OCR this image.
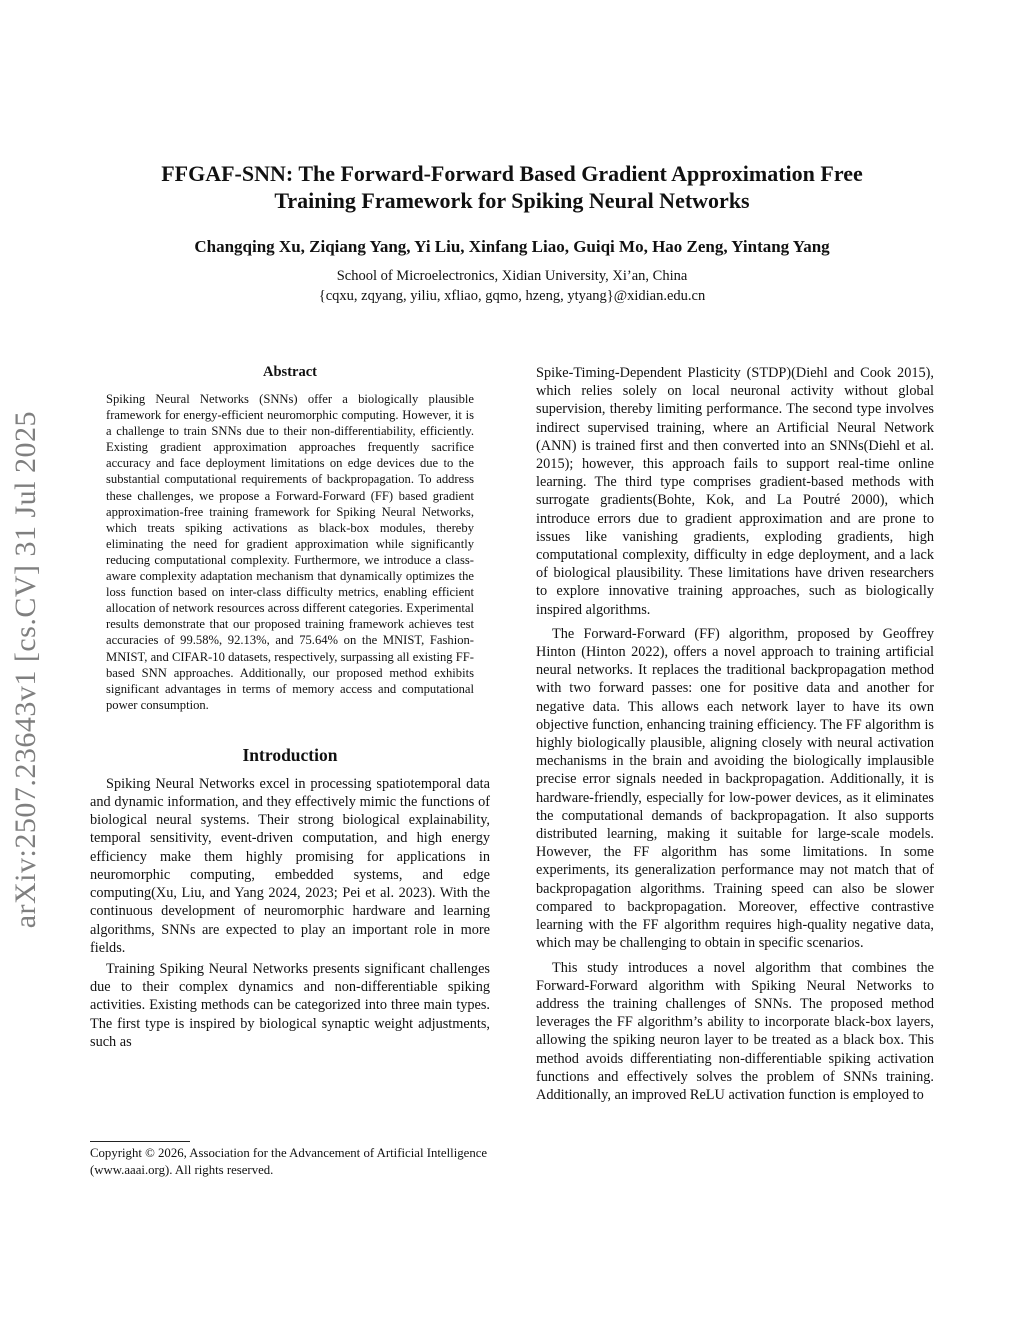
arXiv:2507.23643v1 [cs.CV] 31 Jul 2025
FFGAF-SNN: The Forward-Forward Based Gradient Approximation Free
Training Framework for Spiking Neural Networks
Changqing Xu, Ziqiang Yang, Yi Liu, Xinfang Liao, Guiqi Mo, Hao Zeng, Yintang Yang
School of Microelectronics, Xidian University, Xi’an, China
{cqxu, zqyang, yiliu, xfliao, gqmo, hzeng, ytyang}@xidian.edu.cn
Abstract

Spiking Neural Networks (SNNs) offer a biologically plausible framework for energy-efficient neuromorphic computing. However, it is a challenge to train SNNs due to their non-differentiability, efficiently. Existing gradient approximation approaches frequently sacrifice accuracy and face deployment limitations on edge devices due to the substantial computational requirements of backpropagation. To address these challenges, we propose a Forward-Forward (FF) based gradient approximation-free training framework for Spiking Neural Networks, which treats spiking activations as black-box modules, thereby eliminating the need for gradient approximation while significantly reducing computational complexity. Furthermore, we introduce a class-aware complexity adaptation mechanism that dynamically optimizes the loss function based on inter-class difficulty metrics, enabling efficient allocation of network resources across different categories. Experimental results demonstrate that our proposed training framework achieves test accuracies of 99.58%, 92.13%, and 75.64% on the MNIST, Fashion-MNIST, and CIFAR-10 datasets, respectively, surpassing all existing FF-based SNN approaches. Additionally, our proposed method exhibits significant advantages in terms of memory access and computational power consumption.

Introduction

Spiking Neural Networks excel in processing spatiotemporal data and dynamic information, and they effectively mimic the functions of biological neural systems. Their strong biological explainability, temporal sensitivity, event-driven computation, and high energy efficiency make them highly promising for applications in neuromorphic computing, embedded systems, and edge computing(Xu, Liu, and Yang 2024, 2023; Pei et al. 2023). With the continuous development of neuromorphic hardware and learning algorithms, SNNs are expected to play an important role in more fields.

Training Spiking Neural Networks presents significant challenges due to their complex dynamics and non-differentiable spiking activities. Existing methods can be categorized into three main types. The first type is inspired by biological synaptic weight adjustments, such as

Copyright © 2026, Association for the Advancement of Artificial Intelligence (www.aaai.org). All rights reserved.

Spike-Timing-Dependent Plasticity (STDP)(Diehl and Cook 2015), which relies solely on local neuronal activity without global supervision, thereby limiting performance. The second type involves indirect supervised training, where an Artificial Neural Network (ANN) is trained first and then converted into an SNNs(Diehl et al. 2015); however, this approach fails to support real-time online learning. The third type comprises gradient-based methods with surrogate gradients(Bohte, Kok, and La Poutré 2000), which introduce errors due to gradient approximation and are prone to issues like vanishing gradients, exploding gradients, high computational complexity, difficulty in edge deployment, and a lack of biological plausibility. These limitations have driven researchers to explore innovative training approaches, such as biologically inspired algorithms.

The Forward-Forward (FF) algorithm, proposed by Geoffrey Hinton (Hinton 2022), offers a novel approach to training artificial neural networks. It replaces the traditional backpropagation method with two forward passes: one for positive data and another for negative data. This allows each network layer to have its own objective function, enhancing training efficiency. The FF algorithm is highly biologically plausible, aligning closely with neural activation mechanisms in the brain and avoiding the biologically implausible precise error signals needed in backpropagation. Additionally, it is hardware-friendly, especially for low-power devices, as it eliminates the computational demands of backpropagation. It also supports distributed learning, making it suitable for large-scale models. However, the FF algorithm has some limitations. In some experiments, its generalization performance may not match that of backpropagation algorithms. Training speed can also be slower compared to backpropagation. Moreover, effective contrastive learning with the FF algorithm requires high-quality negative data, which may be challenging to obtain in specific scenarios.

This study introduces a novel algorithm that combines the Forward-Forward algorithm with Spiking Neural Networks to address the training challenges of SNNs. The proposed method leverages the FF algorithm’s ability to incorporate black-box layers, allowing the spiking neuron layer to be treated as a black box. This method avoids differentiating non-differentiable spiking activation functions and effectively solves the problem of SNNs training. Additionally, an improved ReLU activation function is employed to
